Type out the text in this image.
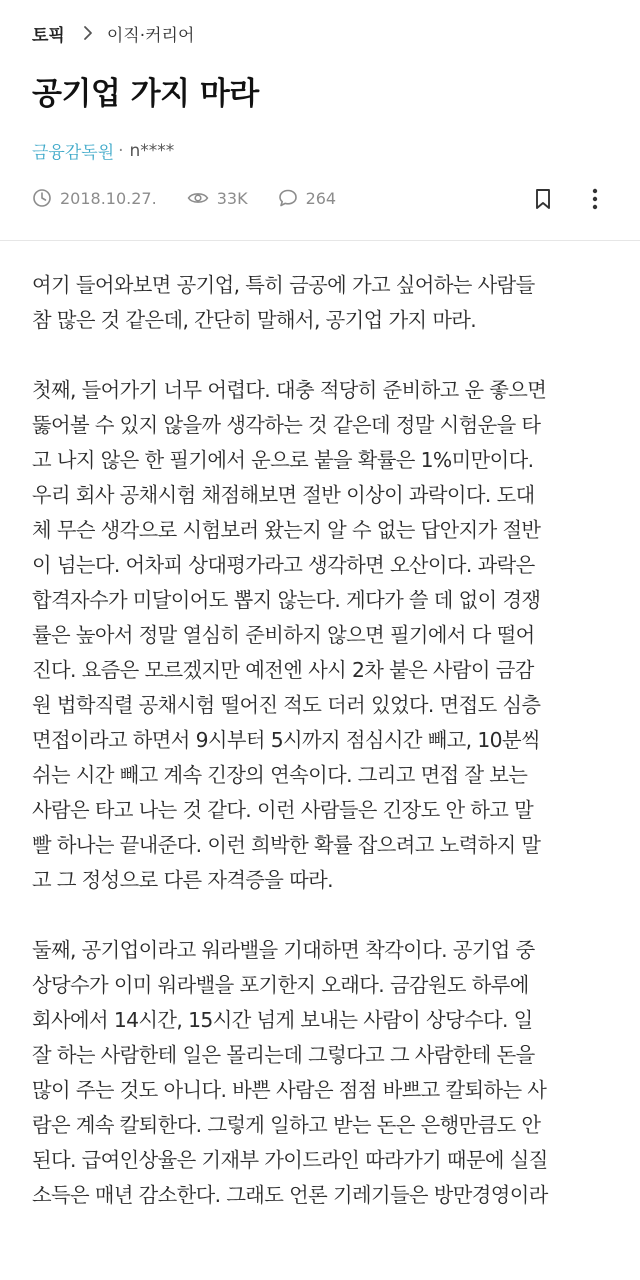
토픽 이직·커리어
공기업 가지 마라
금융감독원 · n****
2018.10.27.	33K	264

여기 들어와보면 공기업, 특히 금공에 가고 싶어하는 사람들
참 많은 것 같은데, 간단히 말해서, 공기업 가지 마라.

첫째, 들어가기 너무 어렵다. 대충 적당히 준비하고 운 좋으면
뚫어볼 수 있지 않을까 생각하는 것 같은데 정말 시험운을 타
고 나지 않은 한 필기에서 운으로 붙을 확률은 1%미만이다.
우리 회사 공채시험 채점해보면 절반 이상이 과락이다. 도대
체 무슨 생각으로 시험보러 왔는지 알 수 없는 답안지가 절반
이 넘는다. 어차피 상대평가라고 생각하면 오산이다. 과락은
합격자수가 미달이어도 뽑지 않는다. 게다가 쓸 데 없이 경쟁
률은 높아서 정말 열심히 준비하지 않으면 필기에서 다 떨어
진다. 요즘은 모르겠지만 예전엔 사시 2차 붙은 사람이 금감
원 법학직렬 공채시험 떨어진 적도 더러 있었다. 면접도 심층
면접이라고 하면서 9시부터 5시까지 점심시간 빼고, 10분씩
쉬는 시간 빼고 계속 긴장의 연속이다. 그리고 면접 잘 보는
사람은 타고 나는 것 같다. 이런 사람들은 긴장도 안 하고 말
빨 하나는 끝내준다. 이런 희박한 확률 잡으려고 노력하지 말
고 그 정성으로 다른 자격증을 따라.

둘째, 공기업이라고 워라밸을 기대하면 착각이다. 공기업 중
상당수가 이미 워라밸을 포기한지 오래다. 금감원도 하루에
회사에서 14시간, 15시간 넘게 보내는 사람이 상당수다. 일
잘 하는 사람한테 일은 몰리는데 그렇다고 그 사람한테 돈을
많이 주는 것도 아니다. 바쁜 사람은 점점 바쁘고 칼퇴하는 사
람은 계속 칼퇴한다. 그렇게 일하고 받는 돈은 은행만큼도 안
된다. 급여인상율은 기재부 가이드라인 따라가기 때문에 실질
소득은 매년 감소한다. 그래도 언론 기레기들은 방만경영이라
